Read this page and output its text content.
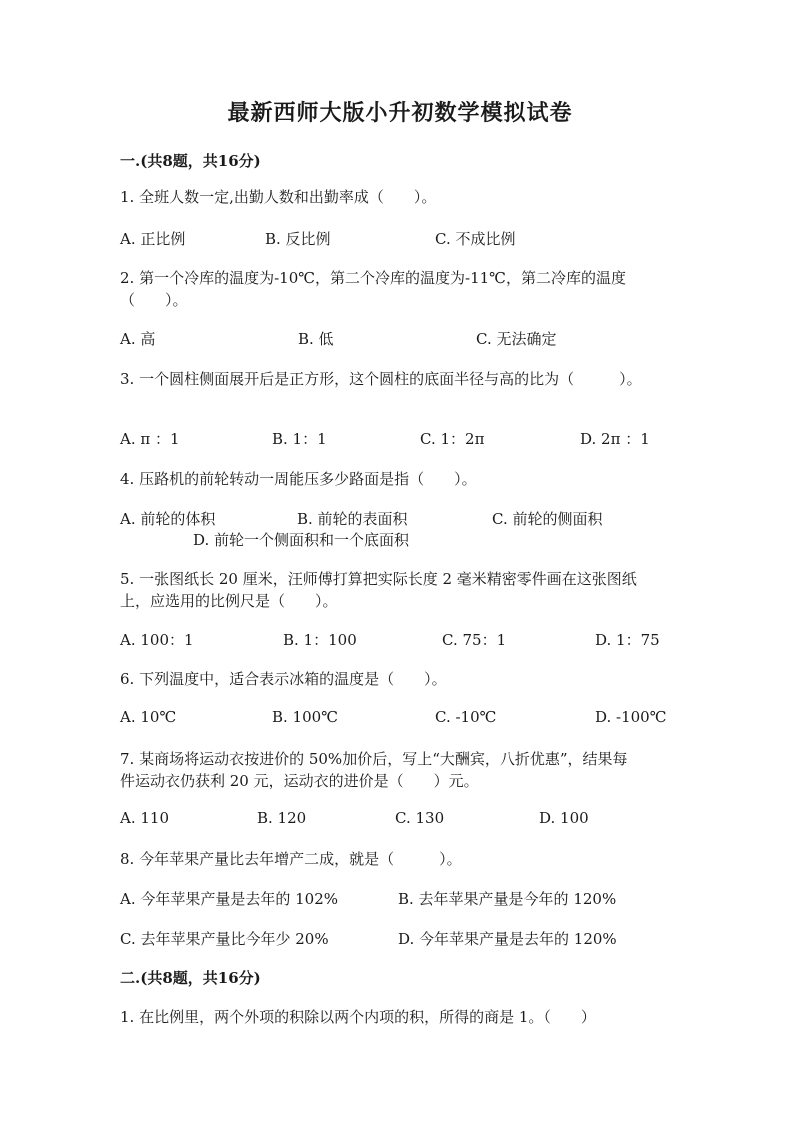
最新西师大版小升初数学模拟试卷
一.(共8题，共16分)
1. 全班人数一定,出勤人数和出勤率成（　　）。
A. 正比例	B. 反比例	C. 不成比例
2. 第一个冷库的温度为-10℃，第二个冷库的温度为-11℃，第二冷库的温度
（　　）。
A. 高	B. 低	C. 无法确定
3. 一个圆柱侧面展开后是正方形，这个圆柱的底面半径与高的比为（　　　）。
A. π ：1	B. 1：1	C. 1：2π	D. 2π ：1
4. 压路机的前轮转动一周能压多少路面是指（　　）。
A. 前轮的体积	B. 前轮的表面积	C. 前轮的侧面积
D. 前轮一个侧面积和一个底面积
5. 一张图纸长 20 厘米，汪师傅打算把实际长度 2 毫米精密零件画在这张图纸
上，应选用的比例尺是（　　）。
A. 100：1	B. 1：100	C. 75：1	D. 1：75
6. 下列温度中，适合表示冰箱的温度是（　　）。
A. 10℃	B. 100℃	C. -10℃	D. -100℃
7. 某商场将运动衣按进价的 50%加价后，写上“大酬宾，八折优惠”，结果每
件运动衣仍获利 20 元，运动衣的进价是（　　）元。
A. 110	B. 120	C. 130	D. 100
8. 今年苹果产量比去年增产二成，就是（　　　）。
A. 今年苹果产量是去年的 102%	B. 去年苹果产量是今年的 120%
C. 去年苹果产量比今年少 20%	D. 今年苹果产量是去年的 120%
二.(共8题，共16分)
1. 在比例里，两个外项的积除以两个内项的积，所得的商是 1。（　　）
